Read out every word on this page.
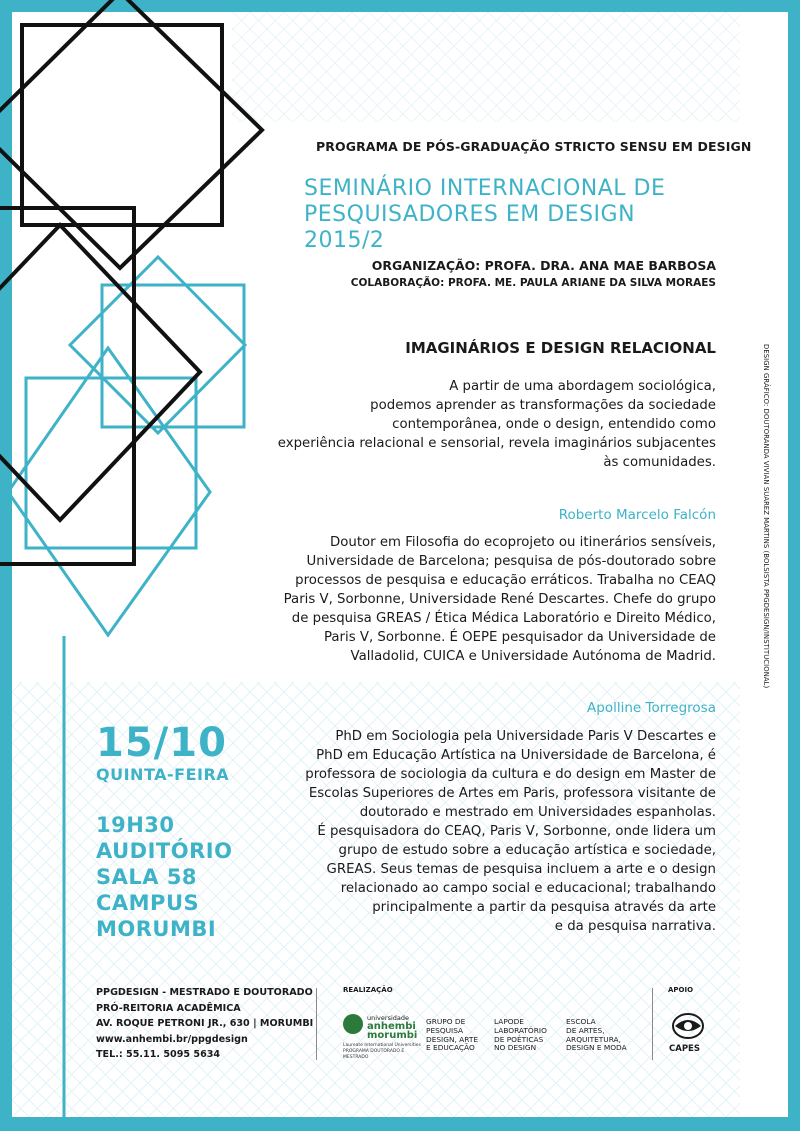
PROGRAMA DE PÓS-GRADUAÇÃO STRICTO SENSU EM DESIGN
SEMINÁRIO INTERNACIONAL DE
PESQUISADORES EM DESIGN 2015/2
ORGANIZAÇÃO: PROFA. DRA. ANA MAE BARBOSA
COLABORAÇÃO: PROFA. ME. PAULA ARIANE DA SILVA MORAES
IMAGINÁRIOS E DESIGN RELACIONAL
A partir de uma abordagem sociológica,
podemos aprender as transformações da sociedade
contemporânea, onde o design, entendido como
experiência relacional e sensorial, revela imaginários subjacentes
às comunidades.
Roberto Marcelo Falcón
Doutor em Filosofia do ecoprojeto ou itinerários sensíveis,
Universidade de Barcelona; pesquisa de pós-doutorado sobre
processos de pesquisa e educação erráticos. Trabalha no CEAQ
Paris V, Sorbonne, Universidade René Descartes. Chefe do grupo
de pesquisa GREAS / Ética Médica Laboratório e Direito Médico,
Paris V, Sorbonne. É OEPE pesquisador da Universidade de
Valladolid, CUICA e Universidade Autónoma de Madrid.
Apolline Torregrosa
PhD em Sociologia pela Universidade Paris V Descartes e
PhD em Educação Artística na Universidade de Barcelona, é
professora de sociologia da cultura e do design em Master de
Escolas Superiores de Artes em Paris, professora visitante de
doutorado e mestrado em Universidades espanholas.
É pesquisadora do CEAQ, Paris V, Sorbonne, onde lidera um
grupo de estudo sobre a educação artística e sociedade,
GREAS. Seus temas de pesquisa incluem a arte e o design
relacionado ao campo social e educacional; trabalhando
principalmente a partir da pesquisa através da arte
e da pesquisa narrativa.
15/10
QUINTA-FEIRA
19H30
AUDITÓRIO
SALA 58
CAMPUS
MORUMBI
PPGDESIGN - MESTRADO E DOUTORADO
PRÓ-REITORIA ACADÊMICA
AV. ROQUE PETRONI JR., 630 | MORUMBI
www.anhembi.br/ppgdesign
TEL.: 55.11. 5095 5634
REALIZAÇÃO	APOIO
universidade
anhembi
morumbi
Laureate International Universities
PROGRAMA DOUTORADO E MESTRADO
GRUPO DE
PESQUISA
DESIGN, ARTE
E EDUCAÇÃO
LAPODE
LABORATÓRIO
DE POÉTICAS
NO DESIGN
ESCOLA
DE ARTES,
ARQUITETURA,
DESIGN E MODA	CAPES
DESIGN GRÁFICO: DOUTORANDA VIVIAN SUAREZ MARTINS (BOLSISTA PPGDESIGN/INSTITUCIONAL)
